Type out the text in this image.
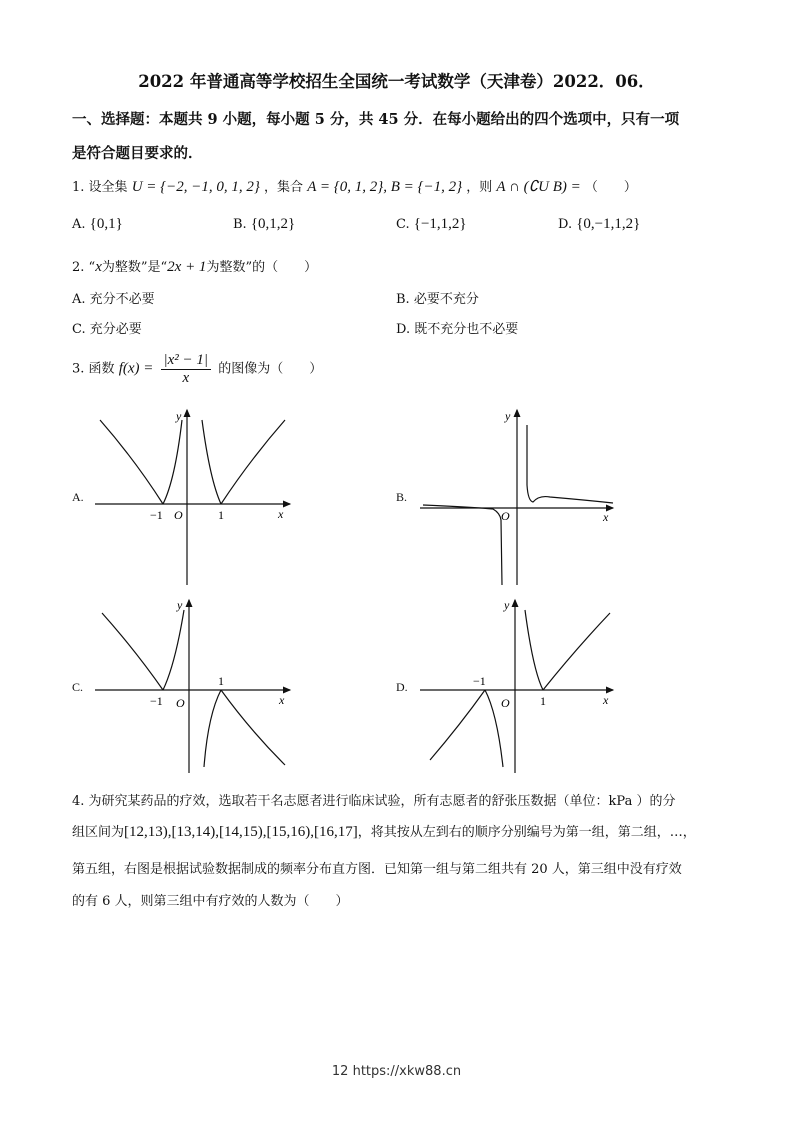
2022 年普通高等学校招生全国统一考试数学（天津卷）2022．06．
一、选择题：本题共 9 小题，每小题 5 分，共 45 分．在每小题给出的四个选项中，只有一项
是符合题目要求的．
1. 设全集 U = {−2, −1, 0, 1, 2} ，集合 A = {0, 1, 2}, B = {−1, 2} ，则 A ∩ (∁U B) = （　　）
A. {0,1}	B. {0,1,2}	C. {−1,1,2}	D. {0,−1,1,2}
2. “x为整数”是“2x + 1为整数”的（　　）
A. 充分不必要	B. 必要不充分
C. 充分必要	D. 既不充分也不必要
3. 函数 $f(x) = \frac{\text{|x² − 1|}}{x}$ 的图像为（　　）
A.	B.
C.	D.
−1	1
O	x
y
O	x
y
−1
1
O	x
y
−1
1
O	x
y
4. 为研究某药品的疗效，选取若干名志愿者进行临床试验，所有志愿者的舒张压数据（单位：kPa ）的分
组区间为[12,13),[13,14),[14,15),[15,16),[16,17]，将其按从左到右的顺序分别编号为第一组，第二组，…，
第五组，右图是根据试验数据制成的频率分布直方图．已知第一组与第二组共有 20 人，第三组中没有疗效
的有 6 人，则第三组中有疗效的人数为（　　）
12 https://xkw88.cn
